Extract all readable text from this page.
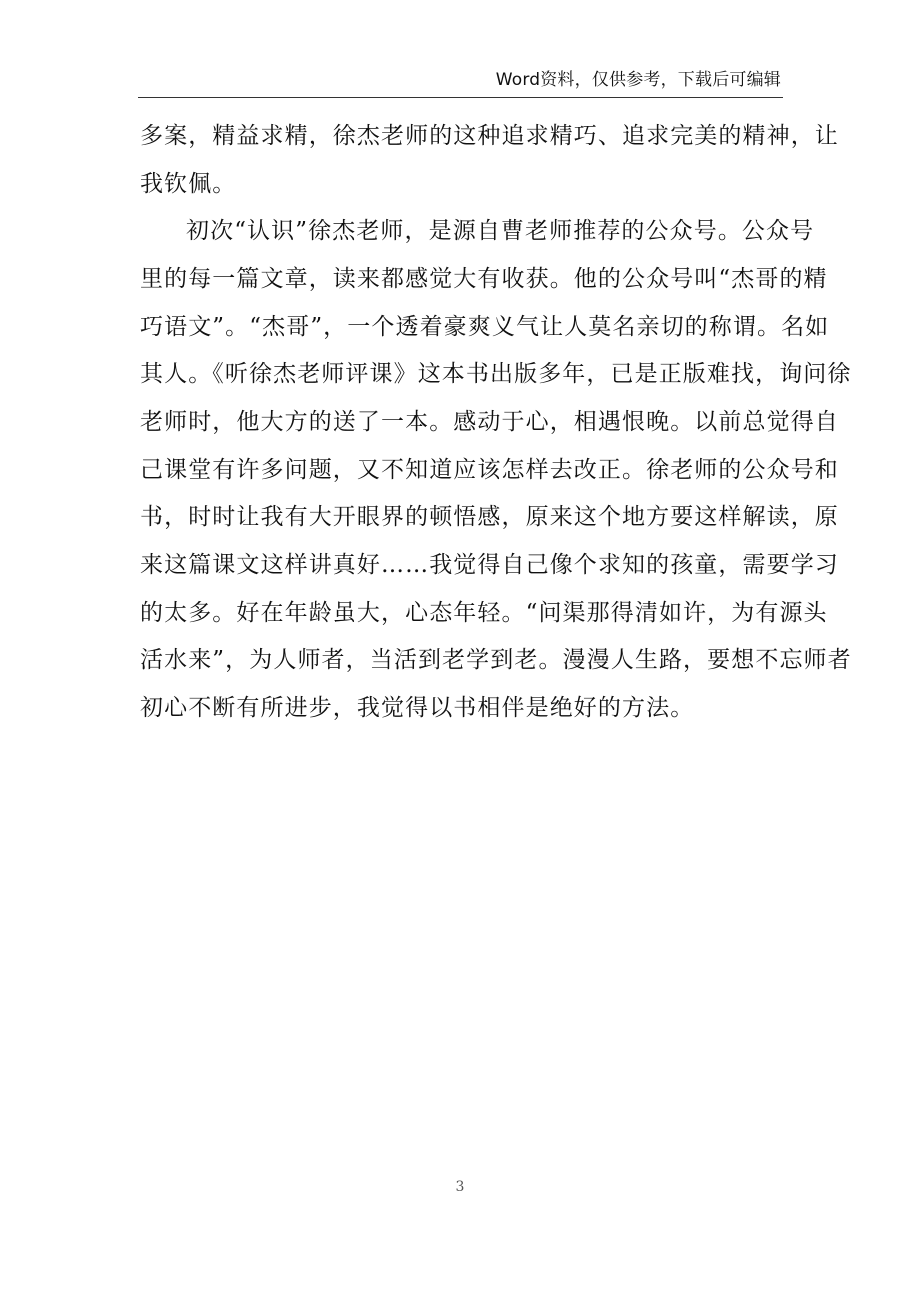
Word资料，仅供参考，下载后可编辑
多案，精益求精，徐杰老师的这种追求精巧、追求完美的精神，让
我钦佩。
初次“认识”徐杰老师，是源自曹老师推荐的公众号。公众号
里的每一篇文章，读来都感觉大有收获。他的公众号叫“杰哥的精
巧语文”。“杰哥”，一个透着豪爽义气让人莫名亲切的称谓。名如
其人。《听徐杰老师评课》这本书出版多年，已是正版难找，询问徐
老师时，他大方的送了一本。感动于心，相遇恨晚。以前总觉得自
己课堂有许多问题，又不知道应该怎样去改正。徐老师的公众号和
书，时时让我有大开眼界的顿悟感，原来这个地方要这样解读，原
来这篇课文这样讲真好……我觉得自己像个求知的孩童，需要学习
的太多。好在年龄虽大，心态年轻。“问渠那得清如许，为有源头
活水来”，为人师者，当活到老学到老。漫漫人生路，要想不忘师者
初心不断有所进步，我觉得以书相伴是绝好的方法。
3
